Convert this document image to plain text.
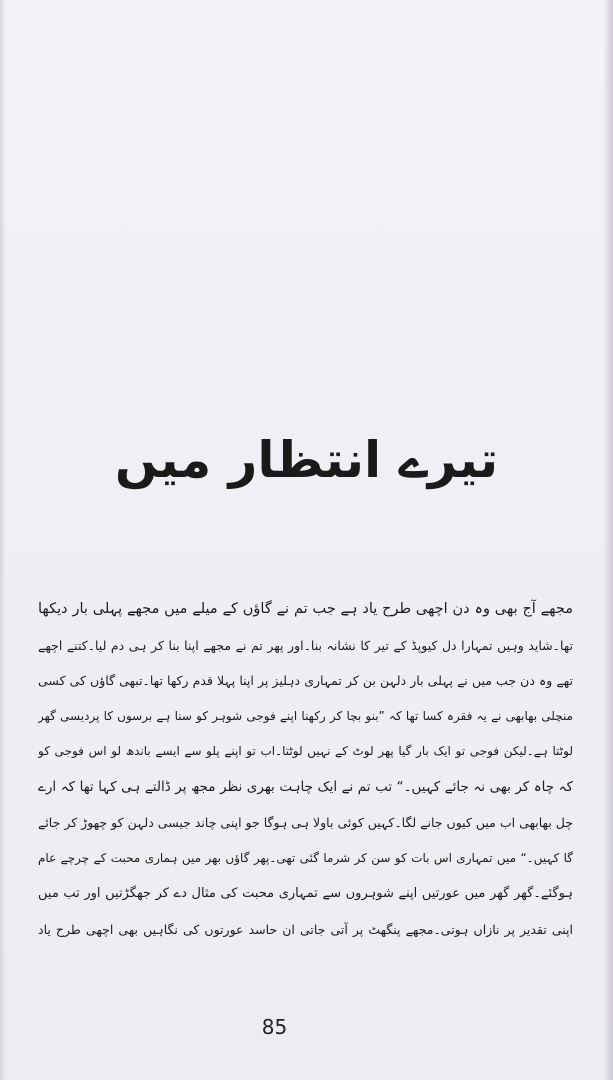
تیرے انتظار میں
مجھے آج بھی وہ دن اچھی طرح یاد ہے جب تم نے گاؤں کے میلے میں مجھے پہلی بار دیکھا
تھا۔شاید وہیں تمہارا دل کیوپڈ کے تیر کا نشانہ بنا۔اور پھر تم نے مجھے اپنا بنا کر ہی دم لیا۔کتنے اچھے
تھے وہ دن جب میں نے پہلی بار دلہن بن کر تمہاری دہلیز پر اپنا پہلا قدم رکھا تھا۔تبھی گاؤں کی کسی
منچلی بھابھی نے یہ فقرہ کسا تھا کہ ”بنو بچا کر رکھنا اپنے فوجی شوہر کو سنا ہے برسوں کا پردیسی گھر
لوٹتا ہے۔لیکن فوجی تو ایک بار گیا پھر لوٹ کے نہیں لوٹتا۔اب تو اپنے پلو سے ایسے باندھ لو اس فوجی کو
کہ چاہ کر بھی نہ جائے کہیں۔“ تب تم نے ایک چاہت بھری نظر مجھ پر ڈالتے ہی کہا تھا کہ ارے
چل بھابھی اب میں کیوں جانے لگا۔کہیں کوئی باولا ہی ہوگا جو اپنی چاند جیسی دلہن کو چھوڑ کر جائے
گا کہیں۔“ میں تمہاری اس بات کو سن کر شرما گئی تھی۔پھر گاؤں بھر میں ہماری محبت کے چرچے عام
ہوگئے۔گھر گھر میں عورتیں اپنے شوہروں سے تمہاری محبت کی مثال دے کر جھگڑتیں اور تب میں
اپنی تقدیر پر نازاں ہوتی۔مجھے پنگھٹ پر آتی جاتی ان حاسد عورتوں کی نگاہیں بھی اچھی طرح یاد
85
